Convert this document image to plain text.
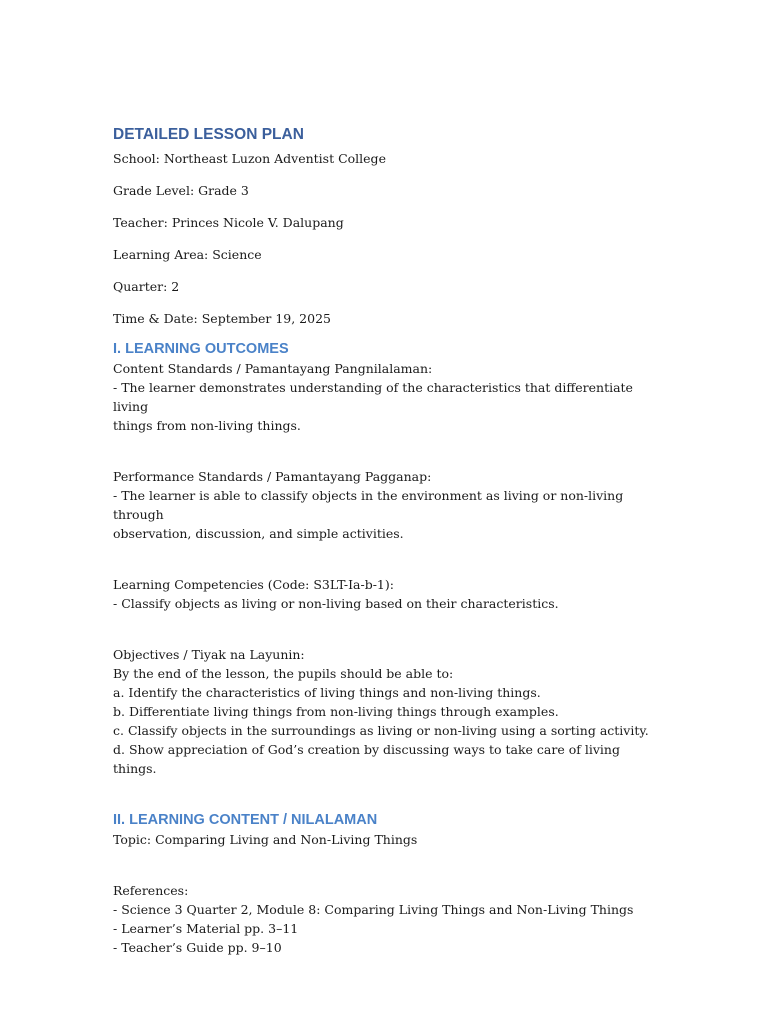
DETAILED LESSON PLAN

School: Northeast Luzon Adventist College

Grade Level: Grade 3

Teacher: Princes Nicole V. Dalupang

Learning Area: Science

Quarter: 2

Time & Date: September 19, 2025

I. LEARNING OUTCOMES

Content Standards / Pamantayang Pangnilalaman:

- The learner demonstrates understanding of the characteristics that differentiate living

things from non-living things.

Performance Standards / Pamantayang Pagganap:

- The learner is able to classify objects in the environment as living or non-living through

observation, discussion, and simple activities.

Learning Competencies (Code: S3LT-Ia-b-1):

- Classify objects as living or non-living based on their characteristics.

Objectives / Tiyak na Layunin:

By the end of the lesson, the pupils should be able to:

a. Identify the characteristics of living things and non-living things.

b. Differentiate living things from non-living things through examples.

c. Classify objects in the surroundings as living or non-living using a sorting activity.

d. Show appreciation of God’s creation by discussing ways to take care of living things.

II. LEARNING CONTENT / NILALAMAN

Topic: Comparing Living and Non-Living Things

References:

- Science 3 Quarter 2, Module 8: Comparing Living Things and Non-Living Things

- Learner’s Material pp. 3–11

- Teacher’s Guide pp. 9–10
